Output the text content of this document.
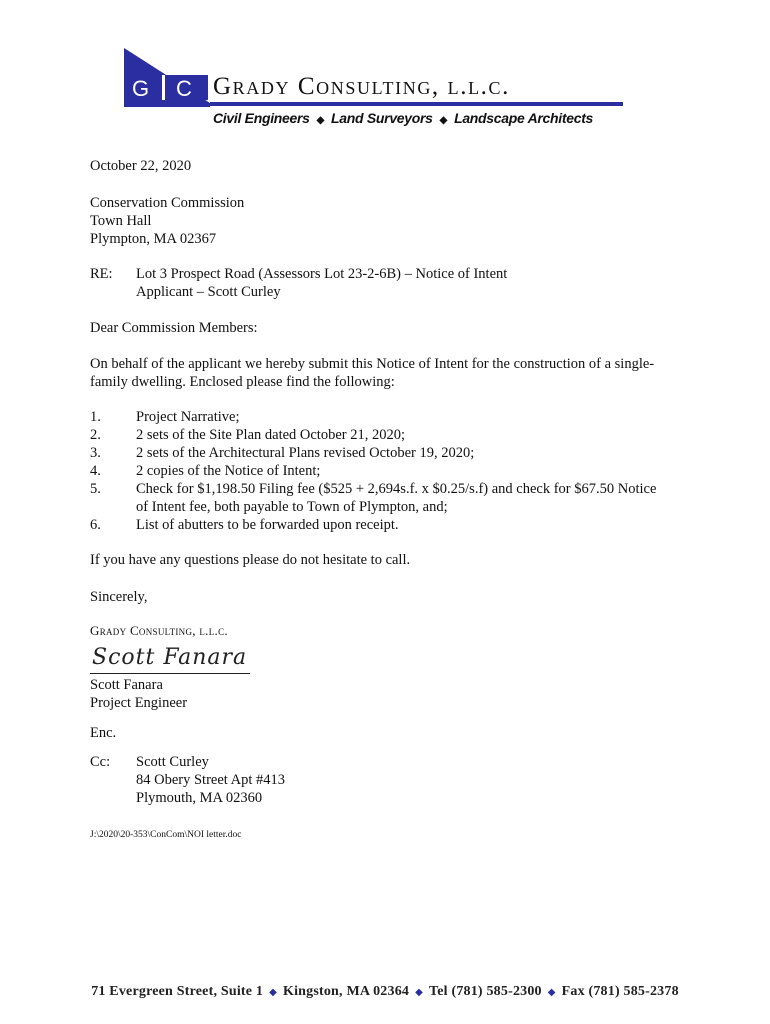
G C Grady Consulting, l.l.c.
Civil Engineers ◆ Land Surveyors ◆ Landscape Architects
October 22, 2020
Conservation Commission
Town Hall
Plympton, MA 02367
RE: Lot 3 Prospect Road (Assessors Lot 23-2-6B) – Notice of Intent
Applicant – Scott Curley
Dear Commission Members:
On behalf of the applicant we hereby submit this Notice of Intent for the construction of a single-
family dwelling. Enclosed please find the following:
1. Project Narrative;
2. 2 sets of the Site Plan dated October 21, 2020;
3. 2 sets of the Architectural Plans revised October 19, 2020;
4. 2 copies of the Notice of Intent;
5. Check for $1,198.50 Filing fee ($525 + 2,694s.f. x $0.25/s.f) and check for $67.50 Notice
of Intent fee, both payable to Town of Plympton, and;
6. List of abutters to be forwarded upon receipt.
If you have any questions please do not hesitate to call.
Sincerely,
Grady Consulting, l.l.c.
Scott Fanara
Scott Fanara
Project Engineer
Enc.
Cc: Scott Curley
84 Obery Street Apt #413
Plymouth, MA 02360
J:\2020\20-353\ConCom\NOI letter.doc
71 Evergreen Street, Suite 1 ◆ Kingston, MA 02364 ◆ Tel (781) 585-2300 ◆ Fax (781) 585-2378
